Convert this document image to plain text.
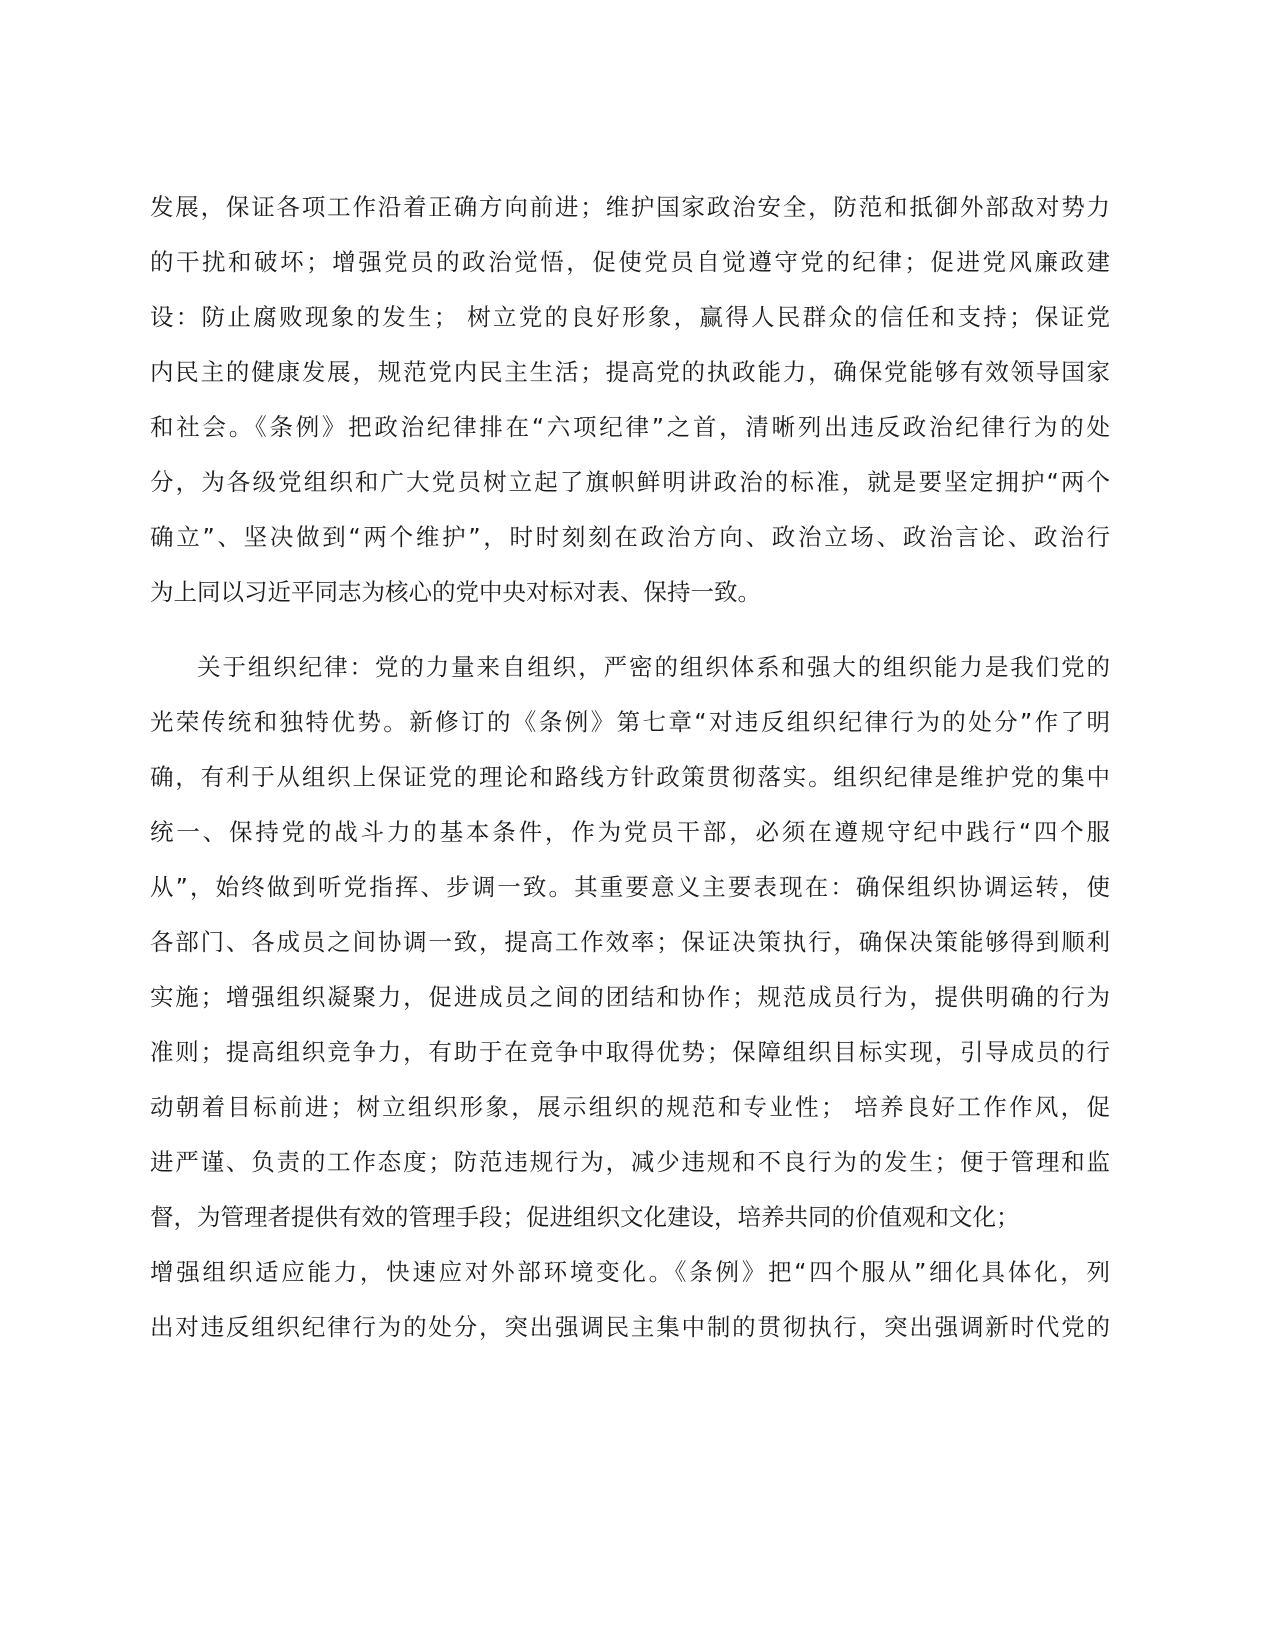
发展，保证各项工作沿着正确方向前进；维护国家政治安全，防范和抵御外部敌对势力
的干扰和破坏；增强党员的政治觉悟，促使党员自觉遵守党的纪律；促进党风廉政建
设：防止腐败现象的发生； 树立党的良好形象，赢得人民群众的信任和支持；保证党
内民主的健康发展，规范党内民主生活；提高党的执政能力，确保党能够有效领导国家
和社会。《条例》把政治纪律排在“六项纪律”之首，清晰列出违反政治纪律行为的处
分，为各级党组织和广大党员树立起了旗帜鲜明讲政治的标准，就是要坚定拥护“两个
确立”、坚决做到“两个维护”，时时刻刻在政治方向、政治立场、政治言论、政治行
为上同以习近平同志为核心的党中央对标对表、保持一致。
关于组织纪律：党的力量来自组织，严密的组织体系和强大的组织能力是我们党的
光荣传统和独特优势。新修订的《条例》第七章“对违反组织纪律行为的处分”作了明
确，有利于从组织上保证党的理论和路线方针政策贯彻落实。组织纪律是维护党的集中
统一、保持党的战斗力的基本条件，作为党员干部，必须在遵规守纪中践行“四个服
从”，始终做到听党指挥、步调一致。其重要意义主要表现在：确保组织协调运转，使
各部门、各成员之间协调一致，提高工作效率；保证决策执行，确保决策能够得到顺利
实施；增强组织凝聚力，促进成员之间的团结和协作；规范成员行为，提供明确的行为
准则；提高组织竞争力，有助于在竞争中取得优势；保障组织目标实现，引导成员的行
动朝着目标前进；树立组织形象，展示组织的规范和专业性； 培养良好工作作风，促
进严谨、负责的工作态度；防范违规行为，减少违规和不良行为的发生；便于管理和监
督，为管理者提供有效的管理手段；促进组织文化建设，培养共同的价值观和文化；
增强组织适应能力，快速应对外部环境变化。《条例》把“四个服从”细化具体化，列
出对违反组织纪律行为的处分，突出强调民主集中制的贯彻执行，突出强调新时代党的
